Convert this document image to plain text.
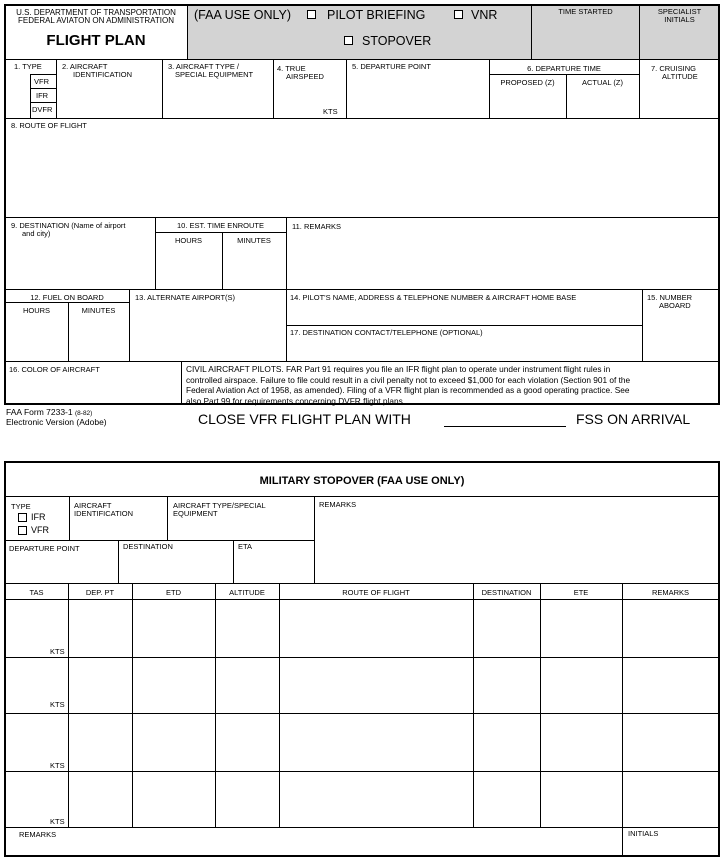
U.S. DEPARTMENT OF TRANSPORTATION
FEDERAL AVIATON ON ADMINISTRATION
FLIGHT PLAN
(FAA USE ONLY)	PILOT BRIEFING	VNR
STOPOVER
TIME STARTED	SPECIALIST
INITIALS
1. TYPE
VFR
IFR
DVFR
2. AIRCRAFT
IDENTIFICATION
3. AIRCRAFT TYPE /
SPECIAL EQUIPMENT
4. TRUE
AIRSPEED
KTS
5. DEPARTURE POINT	6. DEPARTURE TIME
PROPOSED (Z)	ACTUAL (Z)
7. CRUISING
ALTITUDE
8. ROUTE OF FLIGHT
9. DESTINATION (Name of airport
and city)
10. EST. TIME ENROUTE
HOURS	MINUTES
11. REMARKS
12. FUEL ON BOARD
HOURS	MINUTES
13. ALTERNATE AIRPORT(S)	14. PILOT'S NAME, ADDRESS & TELEPHONE NUMBER & AIRCRAFT HOME BASE
17. DESTINATION CONTACT/TELEPHONE (OPTIONAL)
15. NUMBER
ABOARD
16. COLOR OF AIRCRAFT	CIVIL AIRCRAFT PILOTS. FAR Part 91 requires you file an IFR flight plan to operate under instrument flight rules in
controlled airspace. Failure to file could result in a civil penalty not to exceed $1,000 for each violation (Section 901 of the
Federal Aviation Act of 1958, as amended). Filing of a VFR flight plan is recommended as a good operating practice. See
also Part 99 for requirements concerning DVFR flight plans.
FAA Form 7233-1 (8-82)
Electronic Version (Adobe)	CLOSE VFR FLIGHT PLAN WITH	FSS ON ARRIVAL
MILITARY STOPOVER (FAA USE ONLY)
TYPE
IFR
VFR
AIRCRAFT
IDENTIFICATION
AIRCRAFT TYPE/SPECIAL
EQUIPMENT
REMARKS
DEPARTURE POINT	DESTINATION	ETA
TAS	DEP. PT	ETD	ALTITUDE	ROUTE OF FLIGHT	DESTINATION	ETE	REMARKS
KTS
KTS
KTS
KTS
REMARKS	INITIALS
